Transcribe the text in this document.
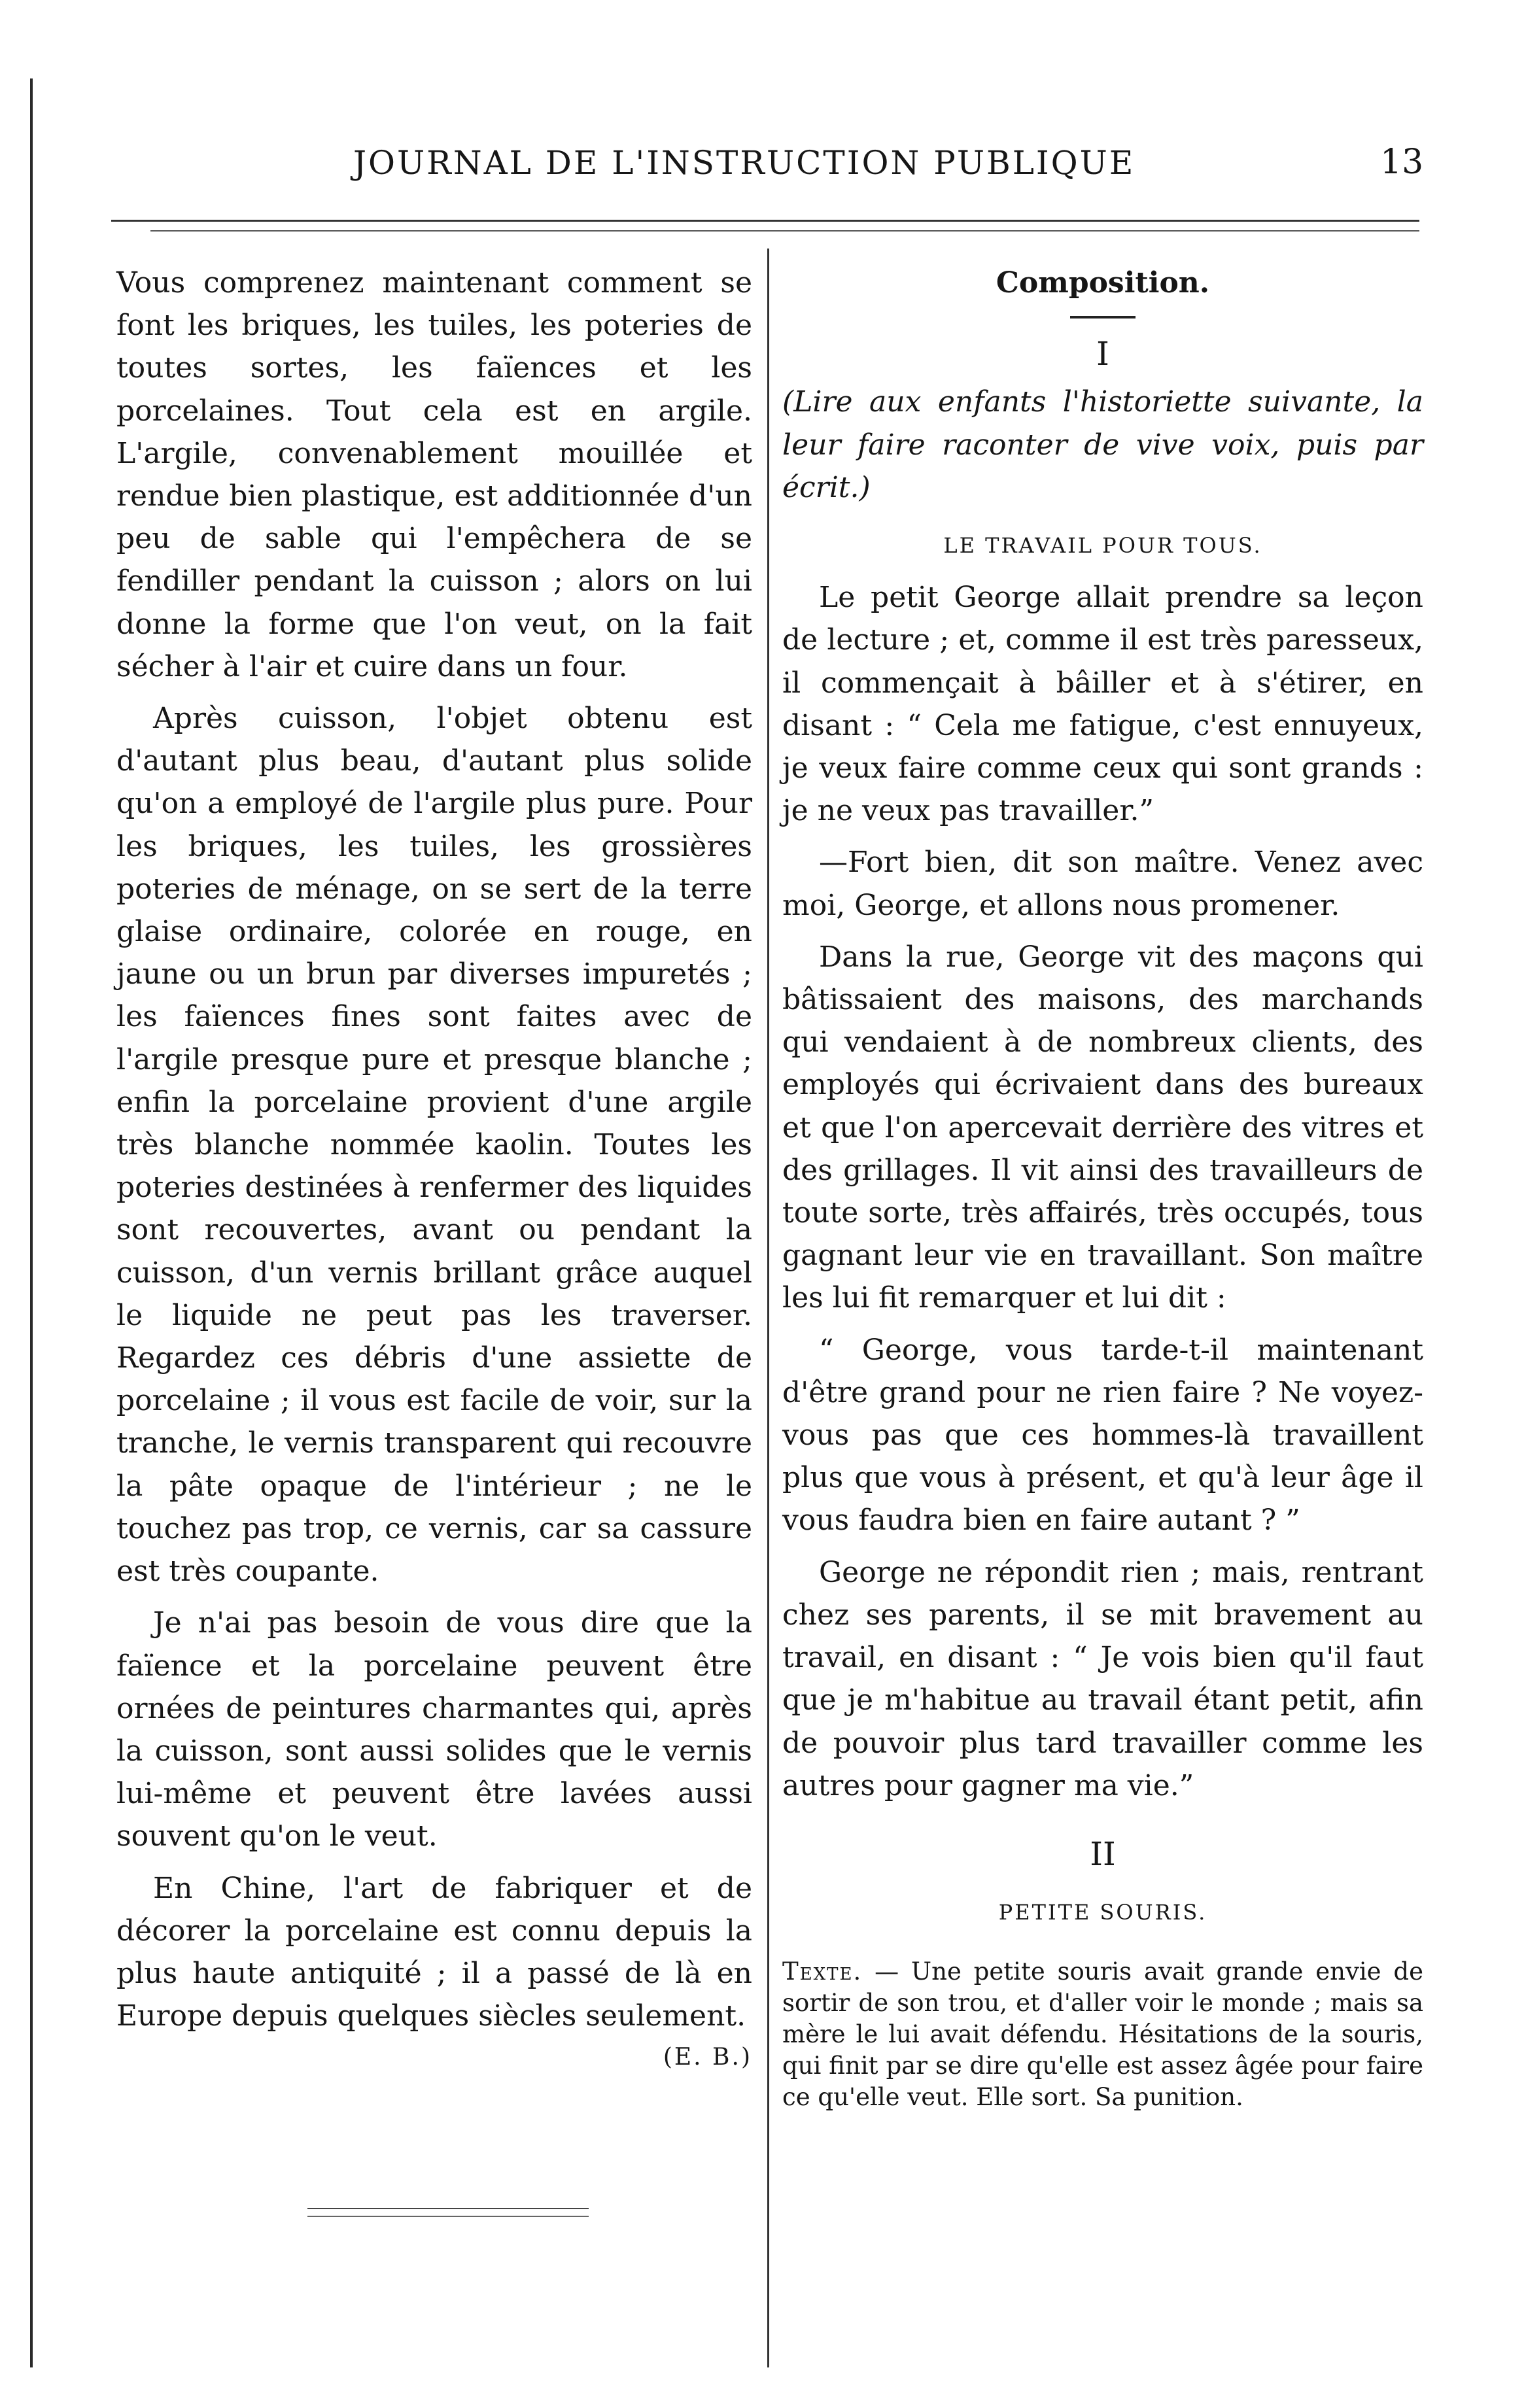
JOURNAL DE L'INSTRUCTION PUBLIQUE	13

Vous comprenez maintenant comment se font les briques, les tuiles, les poteries de toutes sortes, les faïences et les porcelaines. Tout cela est en argile. L'argile, convenablement mouillée et rendue bien plastique, est additionnée d'un peu de sable qui l'empêchera de se fendiller pendant la cuisson ; alors on lui donne la forme que l'on veut, on la fait sécher à l'air et cuire dans un four.

Après cuisson, l'objet obtenu est d'autant plus beau, d'autant plus solide qu'on a employé de l'argile plus pure. Pour les briques, les tuiles, les grossières poteries de ménage, on se sert de la terre glaise ordinaire, colorée en rouge, en jaune ou un brun par diverses impuretés ; les faïences fines sont faites avec de l'argile presque pure et presque blanche ; enfin la porcelaine provient d'une argile très blanche nommée kaolin. Toutes les poteries destinées à renfermer des liquides sont recouvertes, avant ou pendant la cuisson, d'un vernis brillant grâce auquel le liquide ne peut pas les traverser. Regardez ces débris d'une assiette de porcelaine ; il vous est facile de voir, sur la tranche, le vernis transparent qui recouvre la pâte opaque de l'intérieur ; ne le touchez pas trop, ce vernis, car sa cassure est très coupante.

Je n'ai pas besoin de vous dire que la faïence et la porcelaine peuvent être ornées de peintures charmantes qui, après la cuisson, sont aussi solides que le vernis lui-même et peuvent être lavées aussi souvent qu'on le veut.

En Chine, l'art de fabriquer et de décorer la porcelaine est connu depuis la plus haute antiquité ; il a passé de là en Europe depuis quelques siècles seulement.

(E. B.)
Composition.
I

(Lire aux enfants l'historiette suivante, la leur faire raconter de vive voix, puis par écrit.)

LE TRAVAIL POUR TOUS.

Le petit George allait prendre sa leçon de lecture ; et, comme il est très paresseux, il commençait à bâiller et à s'étirer, en disant : “ Cela me fatigue, c'est ennuyeux, je veux faire comme ceux qui sont grands : je ne veux pas travailler.”

—Fort bien, dit son maître. Venez avec moi, George, et allons nous promener.

Dans la rue, George vit des maçons qui bâtissaient des maisons, des marchands qui vendaient à de nombreux clients, des employés qui écrivaient dans des bureaux et que l'on apercevait derrière des vitres et des grillages. Il vit ainsi des travailleurs de toute sorte, très affairés, très occupés, tous gagnant leur vie en travaillant. Son maître les lui fit remarquer et lui dit :

“ George, vous tarde-t-il maintenant d'être grand pour ne rien faire ? Ne voyez-vous pas que ces hommes-là travaillent plus que vous à présent, et qu'à leur âge il vous faudra bien en faire autant ? ”

George ne répondit rien ; mais, rentrant chez ses parents, il se mit bravement au travail, en disant : “ Je vois bien qu'il faut que je m'habitue au travail étant petit, afin de pouvoir plus tard travailler comme les autres pour gagner ma vie.”

II
PETITE SOURIS.
Texte. — Une petite souris avait grande envie de sortir de son trou, et d'aller voir le monde ; mais sa mère le lui avait défendu. Hésitations de la souris, qui finit par se dire qu'elle est assez âgée pour faire ce qu'elle veut. Elle sort. Sa punition.
